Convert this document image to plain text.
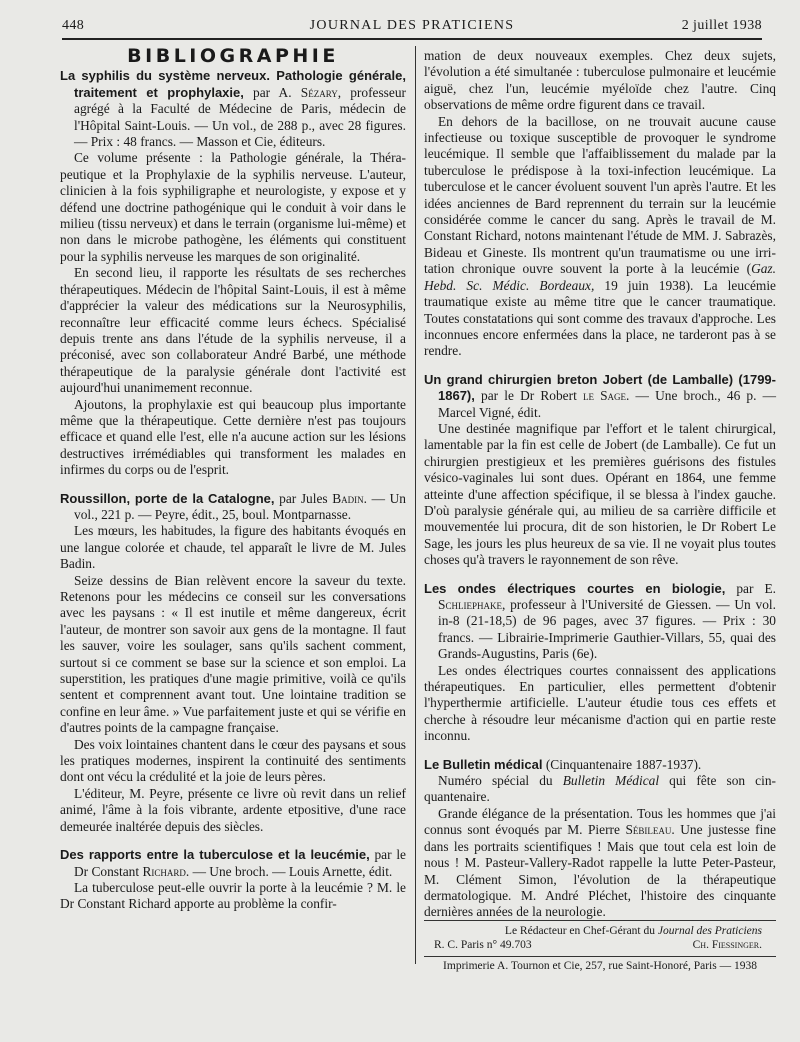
448	JOURNAL DES PRATICIENS	2 juillet 1938

BIBLIOGRAPHIE

La syphilis du système nerveux. Pathologie générale, traitement et prophylaxie, par A. Sézary, professeur agrégé à la Faculté de Médecine de Paris, médecin de l'Hôpital Saint-Louis. — Un vol., de 288 p., avec 28 figures. — Prix : 48 francs. — Masson et Cie, éditeurs.

Ce volume présente : la Pathologie générale, la Thérapeutique et la Prophylaxie de la syphilis nerveuse. L'auteur, clinicien à la fois syphiligraphe et neurologiste, y expose et y défend une doctrine pathogénique qui le conduit à voir dans le milieu (tissu nerveux) et dans le terrain (organisme lui-même) et non dans le microbe pathogène, les éléments qui constituent pour la syphilis nerveuse les marques de son originalité.

En second lieu, il rapporte les résultats de ses recherches thérapeutiques. Médecin de l'hôpital Saint-Louis, il est à même d'apprécier la valeur des médications sur la Neurosyphilis, reconnaître leur efficacité comme leurs échecs. Spécialisé depuis trente ans dans l'étude de la syphilis nerveuse, il a préconisé, avec son collaborateur André Barbé, une méthode thérapeutique de la paralysie générale dont l'activité est aujourd'hui unanimement reconnue.

Ajoutons, la prophylaxie est qui beaucoup plus importante même que la thérapeutique. Cette dernière n'est pas toujours efficace et quand elle l'est, elle n'a aucune action sur les lésions destructives irrémédiables qui transforment les malades en infirmes du corps ou de l'esprit.

Roussillon, porte de la Catalogne, par Jules Badin. — Un vol., 221 p. — Peyre, édit., 25, boul. Montparnasse.

Les mœurs, les habitudes, la figure des habitants évoqués en une langue colorée et chaude, tel apparaît le livre de M. Jules Badin.

Seize dessins de Bian relèvent encore la saveur du texte. Retenons pour les médecins ce conseil sur les conversations avec les paysans : « Il est inutile et même dangereux, écrit l'auteur, de montrer son savoir aux gens de la montagne. Il faut les sauver, voire les soulager, sans qu'ils sachent comment, surtout si ce comment se base sur la science et son emploi. La superstition, les pratiques d'une magie primitive, voilà ce qu'ils sentent et comprennent avant tout. Une lointaine tradition se confine en leur âme. » Vue parfaitement juste et qui se vérifie en d'autres points de la campagne française.

Des voix lointaines chantent dans le cœur des paysans et sous les pratiques modernes, inspirent la continuité des sentiments dont ont vécu la crédulité et la joie de leurs pères.

L'éditeur, M. Peyre, présente ce livre où revit dans un relief animé, l'âme à la fois vibrante, ardente etpositive, d'une race demeurée inaltérée depuis des siècles.

Des rapports entre la tuberculose et la leucémie, par le Dr Constant Richard. — Une broch. — Louis Arnette, édit.

La tuberculose peut-elle ouvrir la porte à la leucémie ? M. le Dr Constant Richard apporte au problème la confir-

mation de deux nouveaux exemples. Chez deux sujets, l'évolution a été simultanée : tuberculose pulmonaire et leucémie aiguë, chez l'un, leucémie myéloïde chez l'autre. Cinq observations de même ordre figurent dans ce travail.

En dehors de la bacillose, on ne trouvait aucune cause infectieuse ou toxique susceptible de provoquer le syndrome leucémique. Il semble que l'affaiblissement du malade par la tuberculose le prédispose à la toxi-infection leucémique. La tuberculose et le cancer évoluent souvent l'un après l'autre. Et les idées anciennes de Bard reprennent du terrain sur la leucémie considérée comme le cancer du sang. Après le travail de M. Constant Richard, notons maintenant l'étude de MM. J. Sabrazès, Bideau et Gineste. Ils montrent qu'un traumatisme ou une irritation chronique ouvre souvent la porte à la leucémie (Gaz. Hebd. Sc. Médic. Bordeaux, 19 juin 1938). La leucémie traumatique existe au même titre que le cancer traumatique. Toutes constatations qui sont comme des travaux d'approche. Les inconnues encore enfermées dans la place, ne tarderont pas à se rendre.

Un grand chirurgien breton Jobert (de Lamballe) (1799-1867), par le Dr Robert le Sage. — Une broch., 46 p. — Marcel Vigné, édit.

Une destinée magnifique par l'effort et le talent chirurgical, lamentable par la fin est celle de Jobert (de Lamballe). Ce fut un chirurgien prestigieux et les premières guérisons des fistules vésico-vaginales lui sont dues. Opérant en 1864, une femme atteinte d'une affection spécifique, il se blessa à l'index gauche. D'où paralysie générale qui, au milieu de sa carrière difficile et mouvementée lui procura, dit de son historien, le Dr Robert Le Sage, les jours les plus heureux de sa vie. Il ne voyait plus toutes choses qu'à travers le rayonnement de son rêve.

Les ondes électriques courtes en biologie, par E. Schliephake, professeur à l'Université de Giessen. — Un vol. in-8 (21-18,5) de 96 pages, avec 37 figures. — Prix : 30 francs. — Librairie-Imprimerie Gauthier-Villars, 55, quai des Grands-Augustins, Paris (6e).

Les ondes électriques courtes connaissent des applications thérapeutiques. En particulier, elles permettent d'obtenir l'hyperthermie artificielle. L'auteur étudie tous ces effets et cherche à résoudre leur mécanisme d'action qui en partie reste inconnu.

Le Bulletin médical (Cinquantenaire 1887-1937).

Numéro spécial du Bulletin Médical qui fête son cinquantenaire.

Grande élégance de la présentation. Tous les hommes que j'ai connus sont évoqués par M. Pierre Sébileau. Une justesse fine dans les portraits scientifiques ! Mais que tout cela est loin de nous ! M. Pasteur-Vallery-Radot rappelle la lutte Peter-Pasteur, M. Clément Simon, l'évolution de la thérapeutique dermatologique. M. André Pléchet, l'histoire des cinquante dernières années de la neurologie.

Le Rédacteur en Chef-Gérant du Journal des Praticiens
R. C. Paris n° 49.703	Ch. Fiessinger.
Imprimerie A. Tournon et Cie, 257, rue Saint-Honoré, Paris — 1938
